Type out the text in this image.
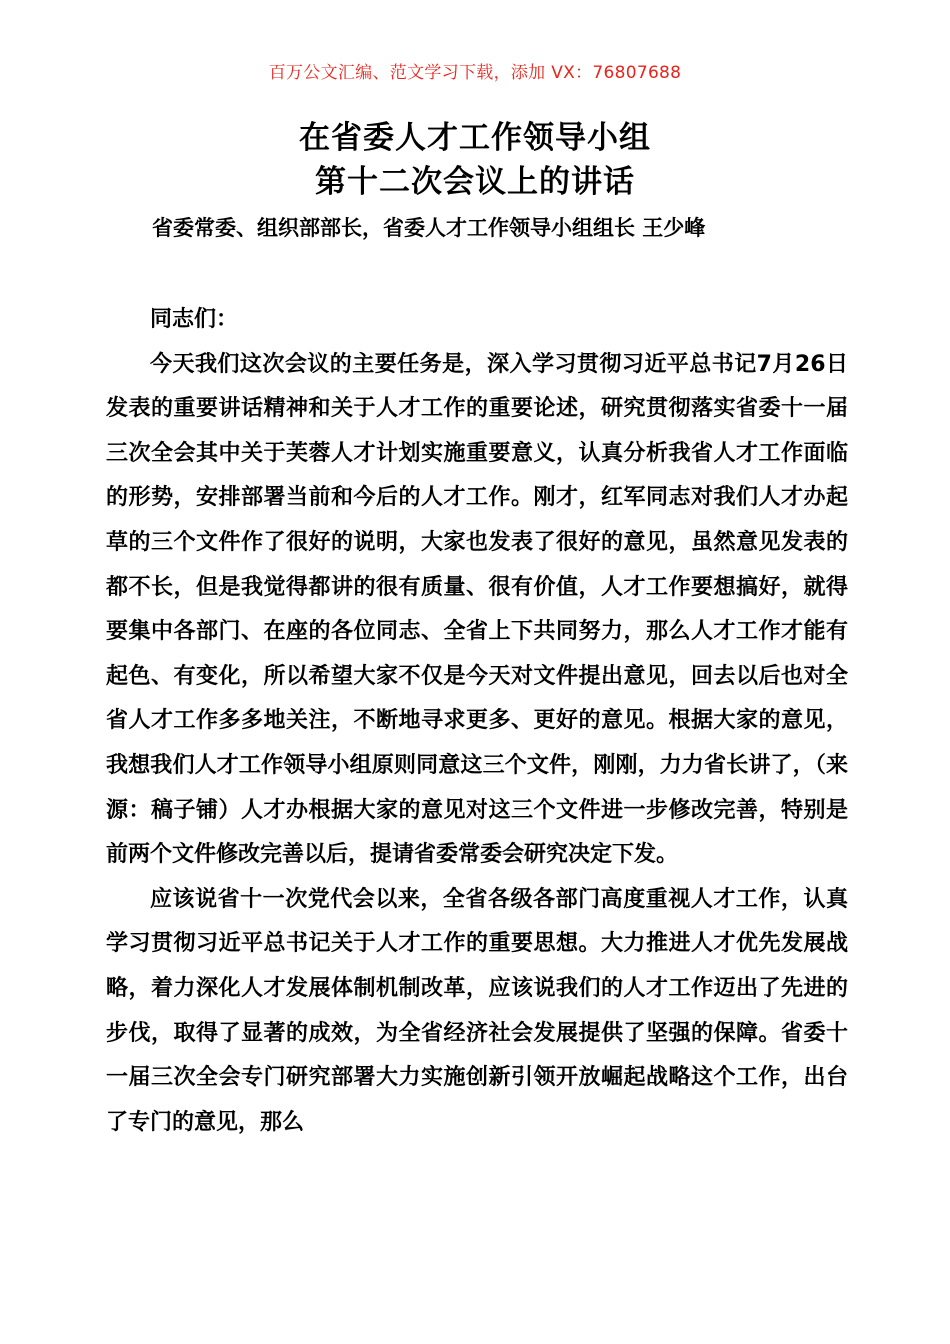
百万公文汇编、范文学习下载，添加 VX：76807688
在省委人才工作领导小组
第十二次会议上的讲话
省委常委、组织部部长，省委人才工作领导小组组长 王少峰

同志们：

今天我们这次会议的主要任务是，深入学习贯彻习近平总书记7月26日发表的重要讲话精神和关于人才工作的重要论述，研究贯彻落实省委十一届三次全会其中关于芙蓉人才计划实施重要意义，认真分析我省人才工作面临的形势，安排部署当前和今后的人才工作。刚才，红军同志对我们人才办起草的三个文件作了很好的说明，大家也发表了很好的意见，虽然意见发表的都不长，但是我觉得都讲的很有质量、很有价值，人才工作要想搞好，就得要集中各部门、在座的各位同志、全省上下共同努力，那么人才工作才能有起色、有变化，所以希望大家不仅是今天对文件提出意见，回去以后也对全省人才工作多多地关注，不断地寻求更多、更好的意见。根据大家的意见，我想我们人才工作领导小组原则同意这三个文件，刚刚，力力省长讲了，（来源：稿子铺）人才办根据大家的意见对这三个文件进一步修改完善，特别是前两个文件修改完善以后，提请省委常委会研究决定下发。

应该说省十一次党代会以来，全省各级各部门高度重视人才工作，认真学习贯彻习近平总书记关于人才工作的重要思想。大力推进人才优先发展战略，着力深化人才发展体制机制改革，应该说我们的人才工作迈出了先进的步伐，取得了显著的成效，为全省经济社会发展提供了坚强的保障。省委十一届三次全会专门研究部署大力实施创新引领开放崛起战略这个工作，出台了专门的意见，那么
